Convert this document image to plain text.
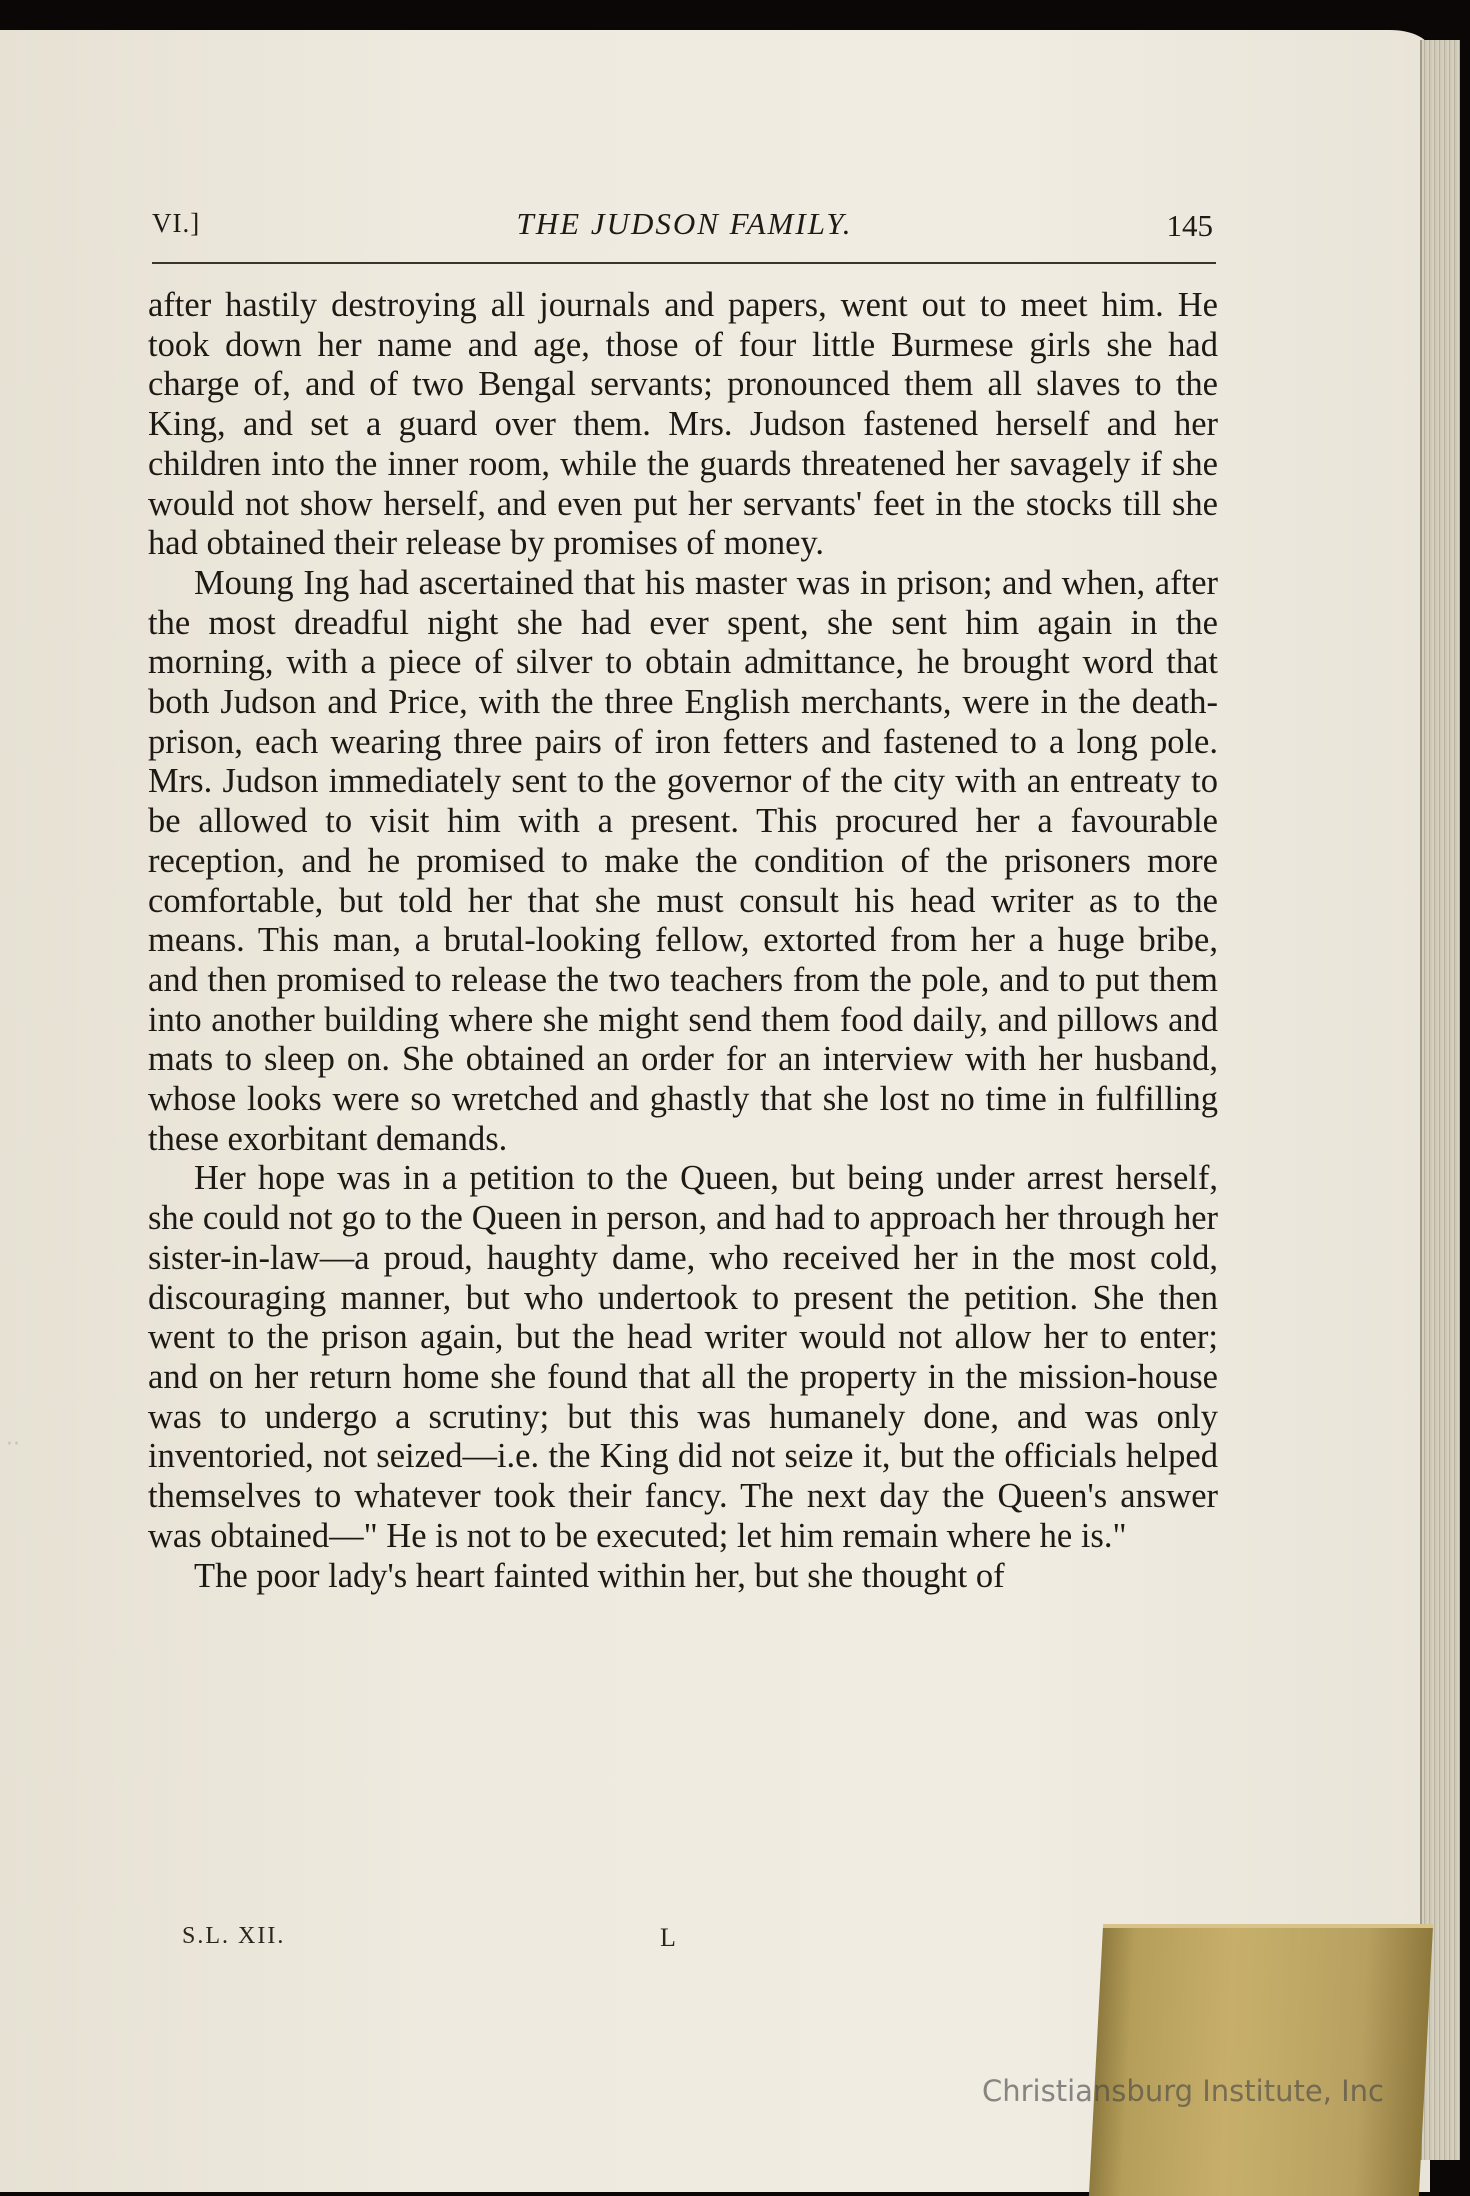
··
VI.]	THE JUDSON FAMILY.	145

after hastily destroying all journals and papers, went out to meet him. He took down her name and age, those of four little Burmese girls she had charge of, and of two Bengal servants; pronounced them all slaves to the King, and set a guard over them. Mrs. Judson fastened herself and her children into the inner room, while the guards threatened her savagely if she would not show herself, and even put her servants' feet in the stocks till she had obtained their release by promises of money.

Moung Ing had ascertained that his master was in prison; and when, after the most dreadful night she had ever spent, she sent him again in the morning, with a piece of silver to obtain admittance, he brought word that both Judson and Price, with the three English merchants, were in the death-prison, each wearing three pairs of iron fetters and fastened to a long pole. Mrs. Judson immediately sent to the governor of the city with an entreaty to be allowed to visit him with a present. This procured her a favourable reception, and he promised to make the condition of the prisoners more comfortable, but told her that she must consult his head writer as to the means. This man, a brutal-looking fellow, extorted from her a huge bribe, and then promised to release the two teachers from the pole, and to put them into another building where she might send them food daily, and pillows and mats to sleep on. She obtained an order for an interview with her husband, whose looks were so wretched and ghastly that she lost no time in fulfilling these exorbitant demands.

Her hope was in a petition to the Queen, but being under arrest herself, she could not go to the Queen in person, and had to approach her through her sister-in-law—a proud, haughty dame, who received her in the most cold, discouraging manner, but who undertook to present the petition. She then went to the prison again, but the head writer would not allow her to enter; and on her return home she found that all the property in the mission-house was to undergo a scrutiny; but this was humanely done, and was only inventoried, not seized—i.e. the King did not seize it, but the officials helped themselves to whatever took their fancy. The next day the Queen's answer was obtained—" He is not to be executed; let him remain where he is."

The poor lady's heart fainted within her, but she thought of

S.L. XII.	L
Christiansburg Institute, Inc
